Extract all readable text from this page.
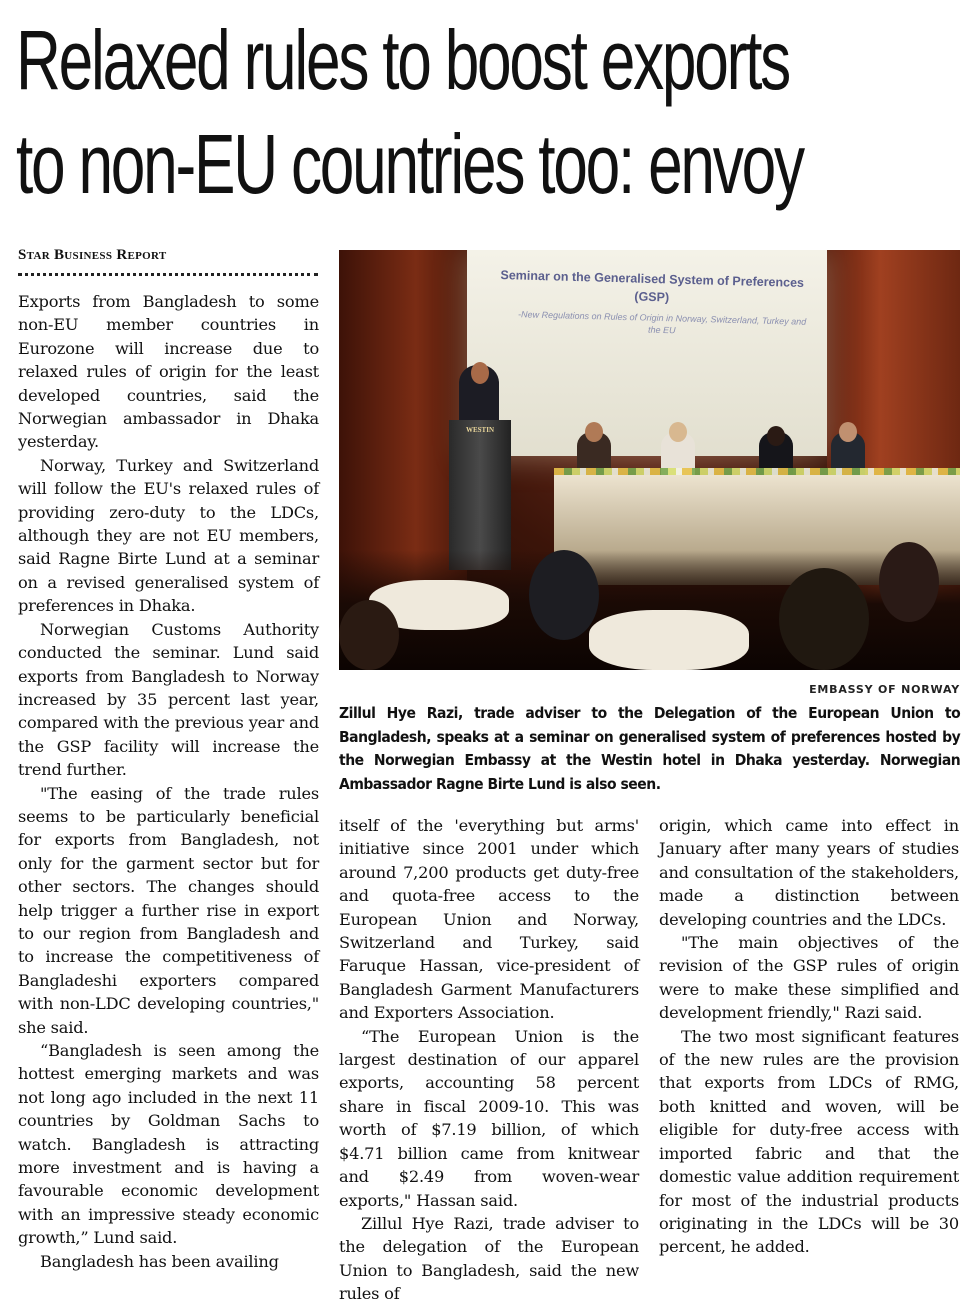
Relaxed rules to boost exports
to non-EU countries too: envoy
Star Business Report

Exports from Bangladesh to some non-EU member countries in Eurozone will increase due to relaxed rules of origin for the least developed countries, said the Norwegian ambassador in Dhaka yesterday.

Norway, Turkey and Switzerland will follow the EU's relaxed rules of providing zero-duty to the LDCs, although they are not EU members, said Ragne Birte Lund at a seminar on a revised generalised system of preferences in Dhaka.

Norwegian Customs Authority conducted the seminar. Lund said exports from Bangladesh to Norway increased by 35 percent last year, compared with the previous year and the GSP facility will increase the trend further.

"The easing of the trade rules seems to be particularly beneficial for exports from Bangladesh, not only for the garment sector but for other sectors. The changes should help trigger a further rise in export to our region from Bangladesh and to increase the competitiveness of Bangladeshi exporters compared with non-LDC developing countries," she said.

“Bangladesh is seen among the hottest emerging markets and was not long ago included in the next 11 countries by Goldman Sachs to watch. Bangladesh is attracting more investment and is having a favourable economic development with an impressive steady economic growth,” Lund said.

Bangladesh has been availing

Seminar on the Generalised System of Preferences (GSP)
-New Regulations on Rules of Origin in Norway, Switzerland, Turkey and the EU
WESTIN
EMBASSY OF NORWAY
Zillul Hye Razi, trade adviser to the Delegation of the European Union to Bangladesh, speaks at a seminar on generalised system of preferences hosted by the Norwegian Embassy at the Westin hotel in Dhaka yesterday. Norwegian Ambassador Ragne Birte Lund is also seen.

itself of the 'everything but arms' initiative since 2001 under which around 7,200 products get duty-free and quota-free access to the European Union and Norway, Switzerland and Turkey, said Faruque Hassan, vice-president of Bangladesh Garment Manufacturers and Exporters Association.

“The European Union is the largest destination of our apparel exports, accounting 58 percent share in fiscal 2009-10. This was worth of $7.19 billion, of which $4.71 billion came from knitwear and $2.49 from woven-wear exports," Hassan said.

Zillul Hye Razi, trade adviser to the delegation of the European Union to Bangladesh, said the new rules of

origin, which came into effect in January after many years of studies and consultation of the stakeholders, made a distinction between developing countries and the LDCs.

"The main objectives of the revision of the GSP rules of origin were to make these simplified and development friendly," Razi said.

The two most significant features of the new rules are the provision that exports from LDCs of RMG, both knitted and woven, will be eligible for duty-free access with imported fabric and that the domestic value addition requirement for most of the industrial products originating in the LDCs will be 30 percent, he added.
